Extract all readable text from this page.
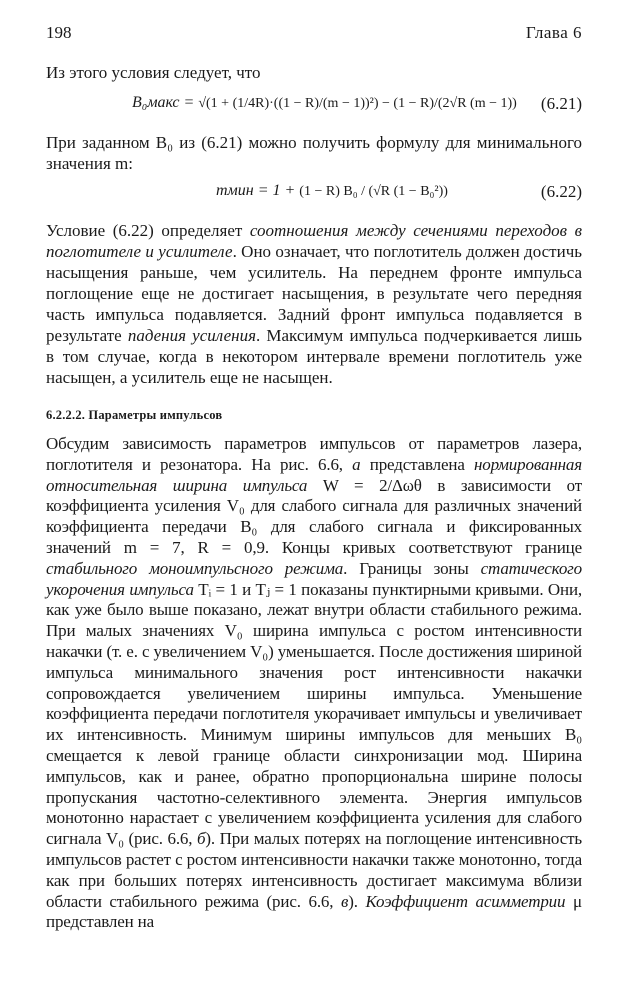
198	Глава 6
Из этого условия следует, что
B₀макс = √(1 + (1/4R)·((1 − R)/(m − 1))²) − (1 − R)/(2√R (m − 1))	(6.21)
При заданном B₀ из (6.21) можно получить формулу для минимального значения m:
mмин = 1 + (1 − R) B₀ / (√R (1 − B₀²))	(6.22)
Условие (6.22) определяет соотношения между сечениями переходов в поглотителе и усилителе. Оно означает, что поглотитель должен достичь насыщения раньше, чем усилитель. На переднем фронте импульса поглощение еще не достигает насыщения, в результате чего передняя часть импульса подавляется. Задний фронт импульса подавляется в результате падения усиления. Максимум импульса подчеркивается лишь в том случае, когда в некотором интервале времени поглотитель уже насыщен, а усилитель еще не насыщен.
6.2.2.2. Параметры импульсов
Обсудим зависимость параметров импульсов от параметров лазера, поглотителя и резонатора. На рис. 6.6, а представлена нормированная относительная ширина импульса W = 2/Δωθ в зависимости от коэффициента усиления V₀ для слабого сигнала для различных значений коэффициента передачи B₀ для слабого сигнала и фиксированных значений m = 7, R = 0,9. Концы кривых соответствуют границе стабильного моноимпульсного режима. Границы зоны статического укорочения импульса Tᵢ = 1 и Tⱼ = 1 показаны пунктирными кривыми. Они, как уже было выше показано, лежат внутри области стабильного режима. При малых значениях V₀ ширина импульса с ростом интенсивности накачки (т. е. с увеличением V₀) уменьшается. После достижения шириной импульса минимального значения рост интенсивности накачки сопровождается увеличением ширины импульса. Уменьшение коэффициента передачи поглотителя укорачивает импульсы и увеличивает их интенсивность. Минимум ширины импульсов для меньших B₀ смещается к левой границе области синхронизации мод. Ширина импульсов, как и ранее, обратно пропорциональна ширине полосы пропускания частотно-селективного элемента. Энергия импульсов монотонно нарастает с увеличением коэффициента усиления для слабого сигнала V₀ (рис. 6.6, б). При малых потерях на поглощение интенсивность импульсов растет с ростом интенсивности накачки также монотонно, тогда как при больших потерях интенсивность достигает максимума вблизи области стабильного режима (рис. 6.6, в). Коэффициент асимметрии μ представлен на
